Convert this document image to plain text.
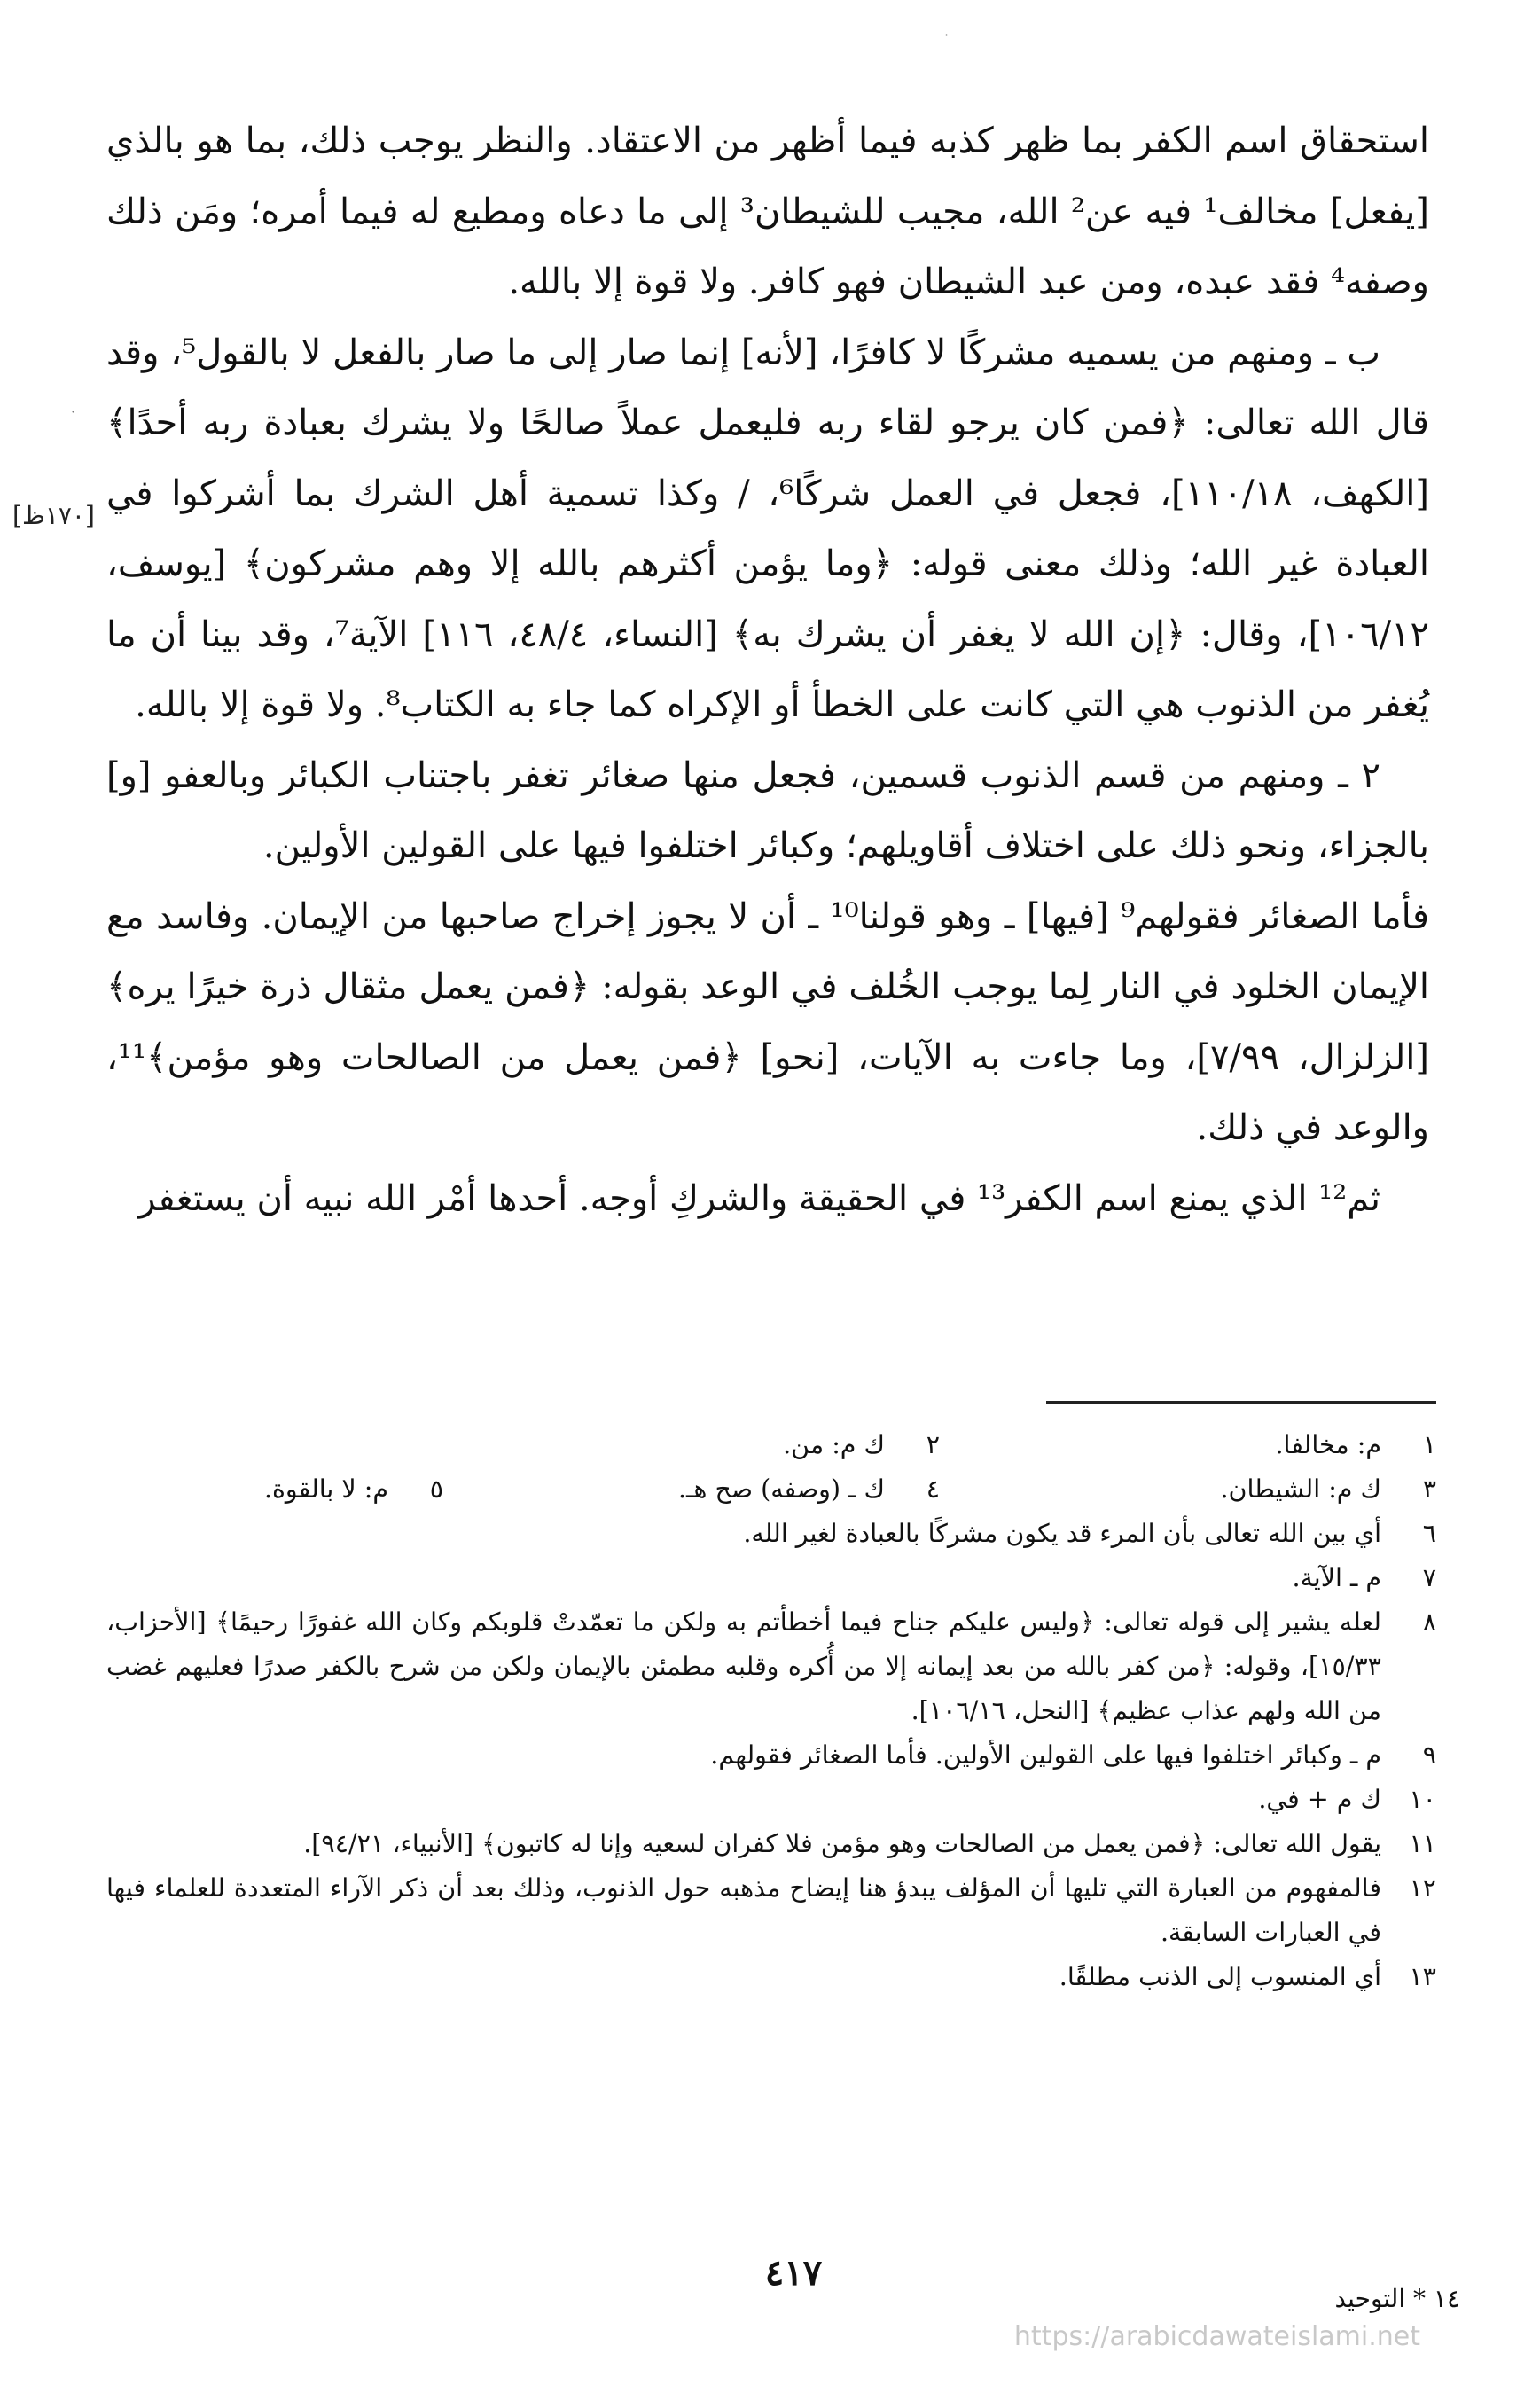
استحقاق اسم الكفر بما ظهر كذبه فيما أظهر من الاعتقاد. والنظر يوجب ذلك، بما هو بالذي [يفعل] مخالف¹ فيه عن² الله، مجيب للشيطان³ إلى ما دعاه ومطيع له فيما أمره؛ ومَن ذلك وصفه⁴ فقد عبده، ومن عبد الشيطان فهو كافر. ولا قوة إلا بالله.

ب ـ ومنهم من يسميه مشركًا لا كافرًا، [لأنه] إنما صار إلى ما صار بالفعل لا بالقول⁵، وقد قال الله تعالى: ﴿فمن كان يرجو لقاء ربه فليعمل عملاً صالحًا ولا يشرك بعبادة ربه أحدًا﴾ [الكهف، ١١٠/١٨]، فجعل في العمل شركًا⁶، / وكذا تسمية أهل الشرك بما أشركوا في العبادة غير الله؛ وذلك معنى قوله: ﴿وما يؤمن أكثرهم بالله إلا وهم مشركون﴾ [يوسف، ١٠٦/١٢]، وقال: ﴿إن الله لا يغفر أن يشرك به﴾ [النساء، ٤٨/٤، ١١٦] الآية⁷، وقد بينا أن ما يُغفر من الذنوب هي التي كانت على الخطأ أو الإكراه كما جاء به الكتاب⁸. ولا قوة إلا بالله.

٢ ـ ومنهم من قسم الذنوب قسمين، فجعل منها صغائر تغفر باجتناب الكبائر وبالعفو [و] بالجزاء، ونحو ذلك على اختلاف أقاويلهم؛ وكبائر اختلفوا فيها على القولين الأولين.

فأما الصغائر فقولهم⁹ [فيها] ـ وهو قولنا¹⁰ ـ أن لا يجوز إخراج صاحبها من الإيمان. وفاسد مع الإيمان الخلود في النار لِما يوجب الخُلف في الوعد بقوله: ﴿فمن يعمل مثقال ذرة خيرًا يره﴾ [الزلزال، ٧/٩٩]، وما جاءت به الآيات، [نحو] ﴿فمن يعمل من الصالحات وهو مؤمن﴾¹¹، والوعد في ذلك.

ثم¹² الذي يمنع اسم الكفر¹³ في الحقيقة والشركِ أوجه. أحدها أمْر الله نبيه أن يستغفر

[١٧٠ظ]
١
م: مخالفا.
٢
ك م: من.
٣
ك م: الشيطان.
٤
ك ـ (وصفه) صح هـ.
٥
م: لا بالقوة.
٦
أي بين الله تعالى بأن المرء قد يكون مشركًا بالعبادة لغير الله.
٧
م ـ الآية.
٨
لعله يشير إلى قوله تعالى: ﴿وليس عليكم جناح فيما أخطأتم به ولكن ما تعمّدتْ قلوبكم وكان الله غفورًا رحيمًا﴾ [الأحزاب، ١٥/٣٣]، وقوله: ﴿من كفر بالله من بعد إيمانه إلا من أُكره وقلبه مطمئن بالإيمان ولكن من شرح بالكفر صدرًا فعليهم غضب من الله ولهم عذاب عظيم﴾ [النحل، ١٠٦/١٦].
٩
م ـ وكبائر اختلفوا فيها على القولين الأولين. فأما الصغائر فقولهم.
١٠
ك م + في.
١١
يقول الله تعالى: ﴿فمن يعمل من الصالحات وهو مؤمن فلا كفران لسعيه وإنا له كاتبون﴾ [الأنبياء، ٩٤/٢١].
١٢
فالمفهوم من العبارة التي تليها أن المؤلف يبدؤ هنا إيضاح مذهبه حول الذنوب، وذلك بعد أن ذكر الآراء المتعددة للعلماء فيها في العبارات السابقة.
١٣
أي المنسوب إلى الذنب مطلقًا.
٤١٧
١٤ * التوحيد
https://arabicdawateislami.net
·
·
